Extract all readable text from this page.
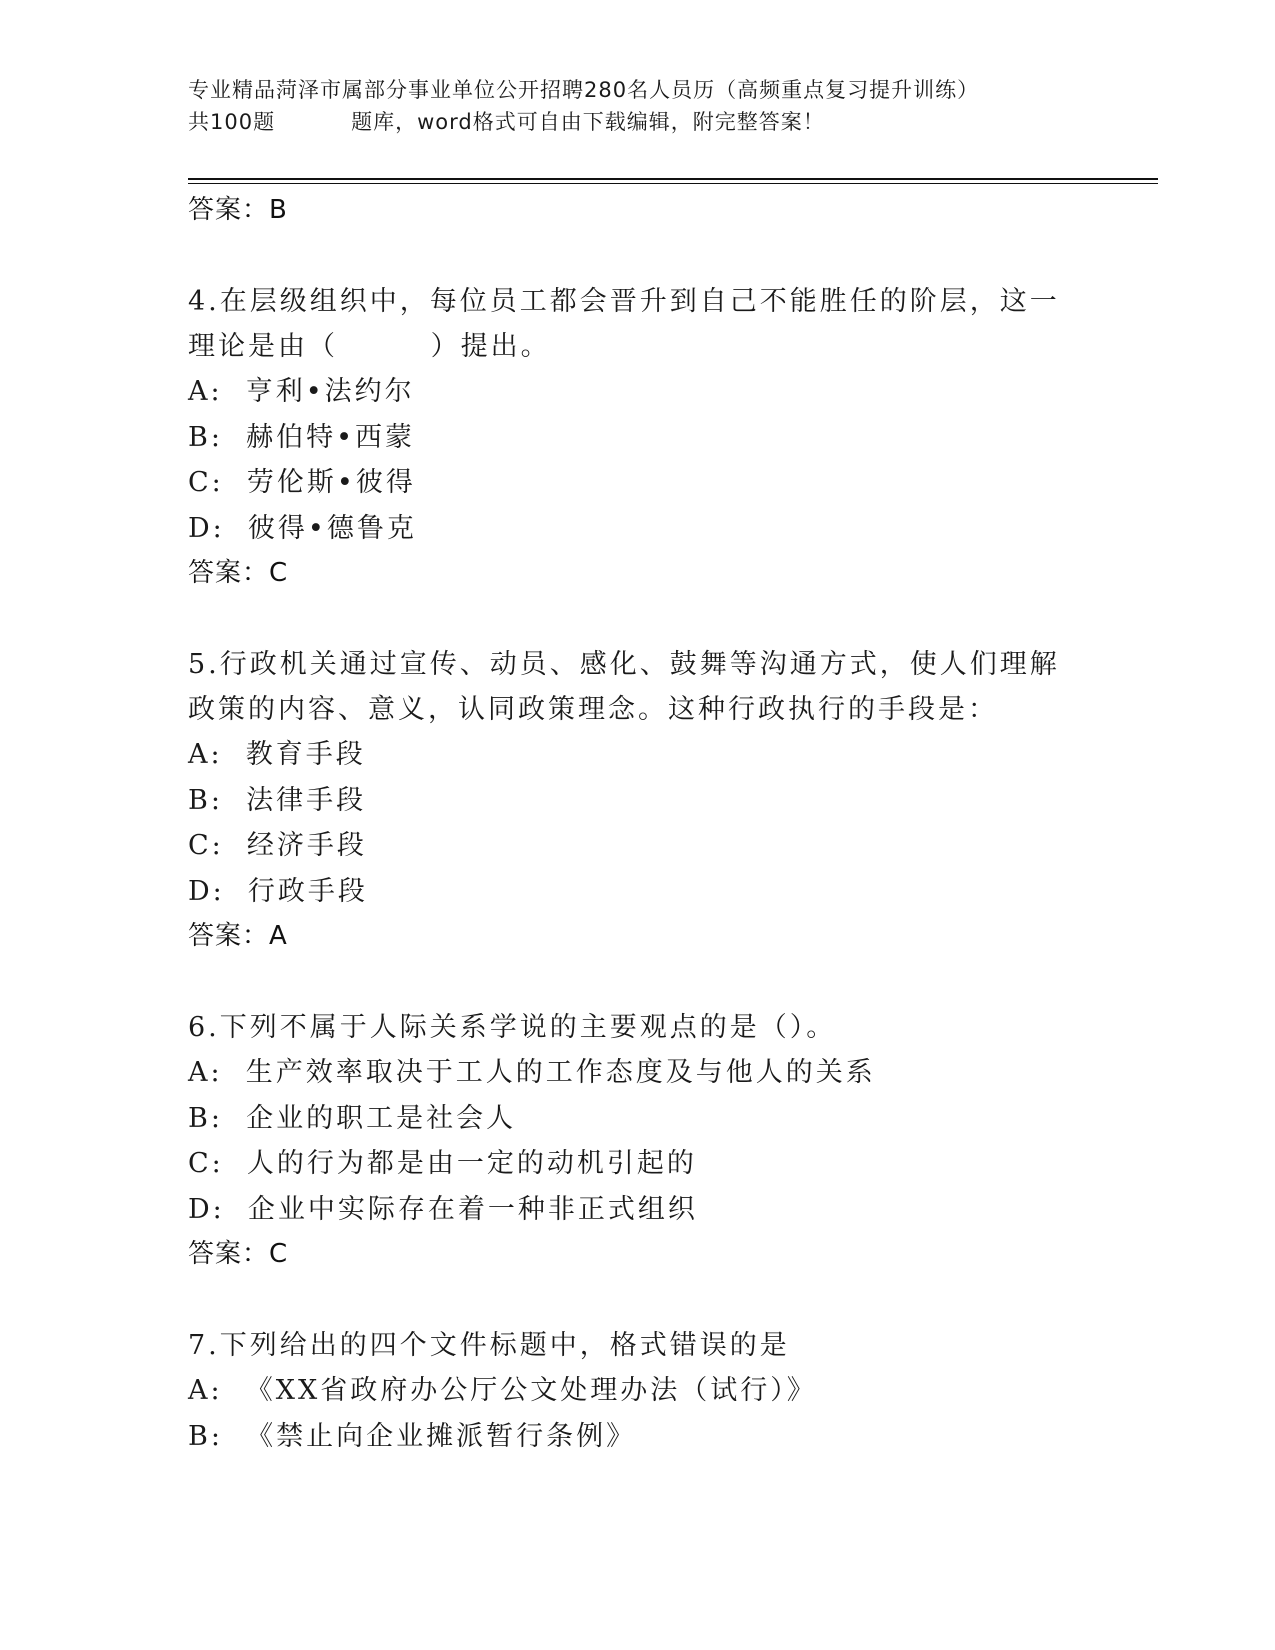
专业精品菏泽市属部分事业单位公开招聘280名人员历（高频重点复习提升训练）
共100题	题库，word格式可自由下载编辑，附完整答案！
答案：B
4.在层级组织中，每位员工都会晋升到自己不能胜任的阶层，这一理论是由（        ）提出。
A:  亨利•法约尔
B:  赫伯特•西蒙
C:  劳伦斯•彼得
D:  彼得•德鲁克
答案：C
5.行政机关通过宣传、动员、感化、鼓舞等沟通方式，使人们理解政策的内容、意义，认同政策理念。这种行政执行的手段是：
A:  教育手段
B:  法律手段
C:  经济手段
D:  行政手段
答案：A
6.下列不属于人际关系学说的主要观点的是（）。
A:  生产效率取决于工人的工作态度及与他人的关系
B:  企业的职工是社会人
C:  人的行为都是由一定的动机引起的
D:  企业中实际存在着一种非正式组织
答案：C
7.下列给出的四个文件标题中，格式错误的是
A:  《XX省政府办公厅公文处理办法（试行）》
B:  《禁止向企业摊派暂行条例》
